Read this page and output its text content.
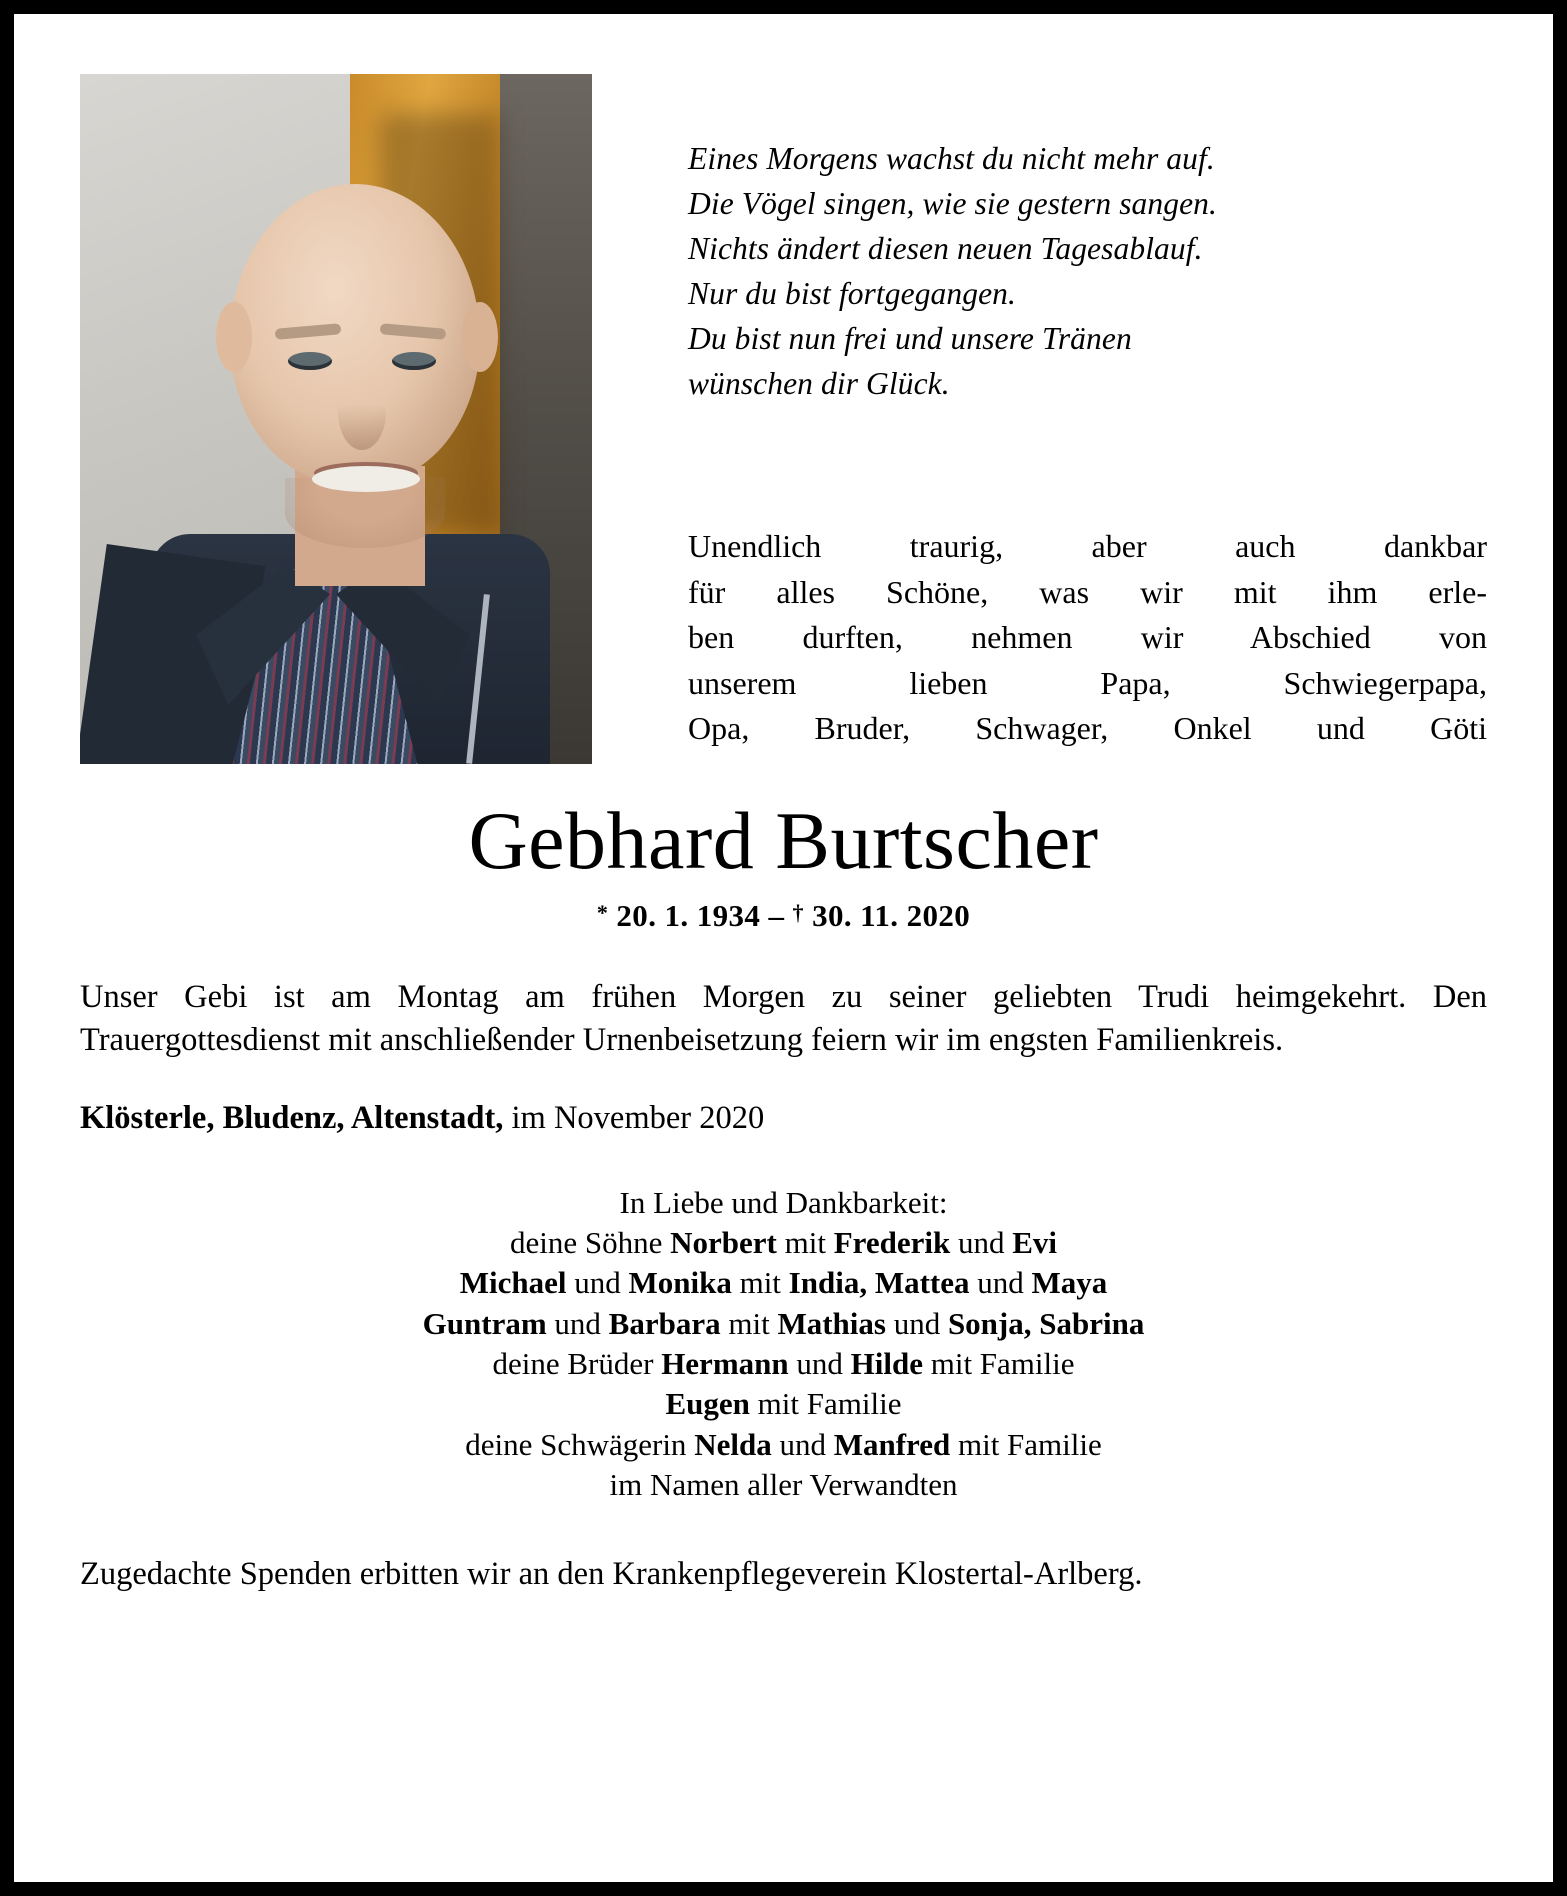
Eines Morgens wachst du nicht mehr auf.
Die Vögel singen, wie sie gestern sangen.
Nichts ändert diesen neuen Tagesablauf.
Nur du bist fortgegangen.
Du bist nun frei und unsere Tränen
wünschen dir Glück.
Unendlich traurig, aber auch dankbar
für alles Schöne, was wir mit ihm erle-
ben durften, nehmen wir Abschied von
unserem lieben Papa, Schwiegerpapa,
Opa, Bruder, Schwager, Onkel und Göti
Gebhard Burtscher
* 20. 1. 1934 – † 30. 11. 2020
Unser Gebi ist am Montag am frühen Morgen zu seiner geliebten Trudi heimgekehrt. Den Trauergottesdienst mit anschließender Urnenbeisetzung feiern wir im engsten Familienkreis.
Klösterle, Bludenz, Altenstadt, im November 2020
In Liebe und Dankbarkeit:
deine Söhne Norbert mit Frederik und Evi
Michael und Monika mit India, Mattea und Maya
Guntram und Barbara mit Mathias und Sonja, Sabrina
deine Brüder Hermann und Hilde mit Familie
Eugen mit Familie
deine Schwägerin Nelda und Manfred mit Familie
im Namen aller Verwandten
Zugedachte Spenden erbitten wir an den Krankenpflegeverein Klostertal-Arlberg.
